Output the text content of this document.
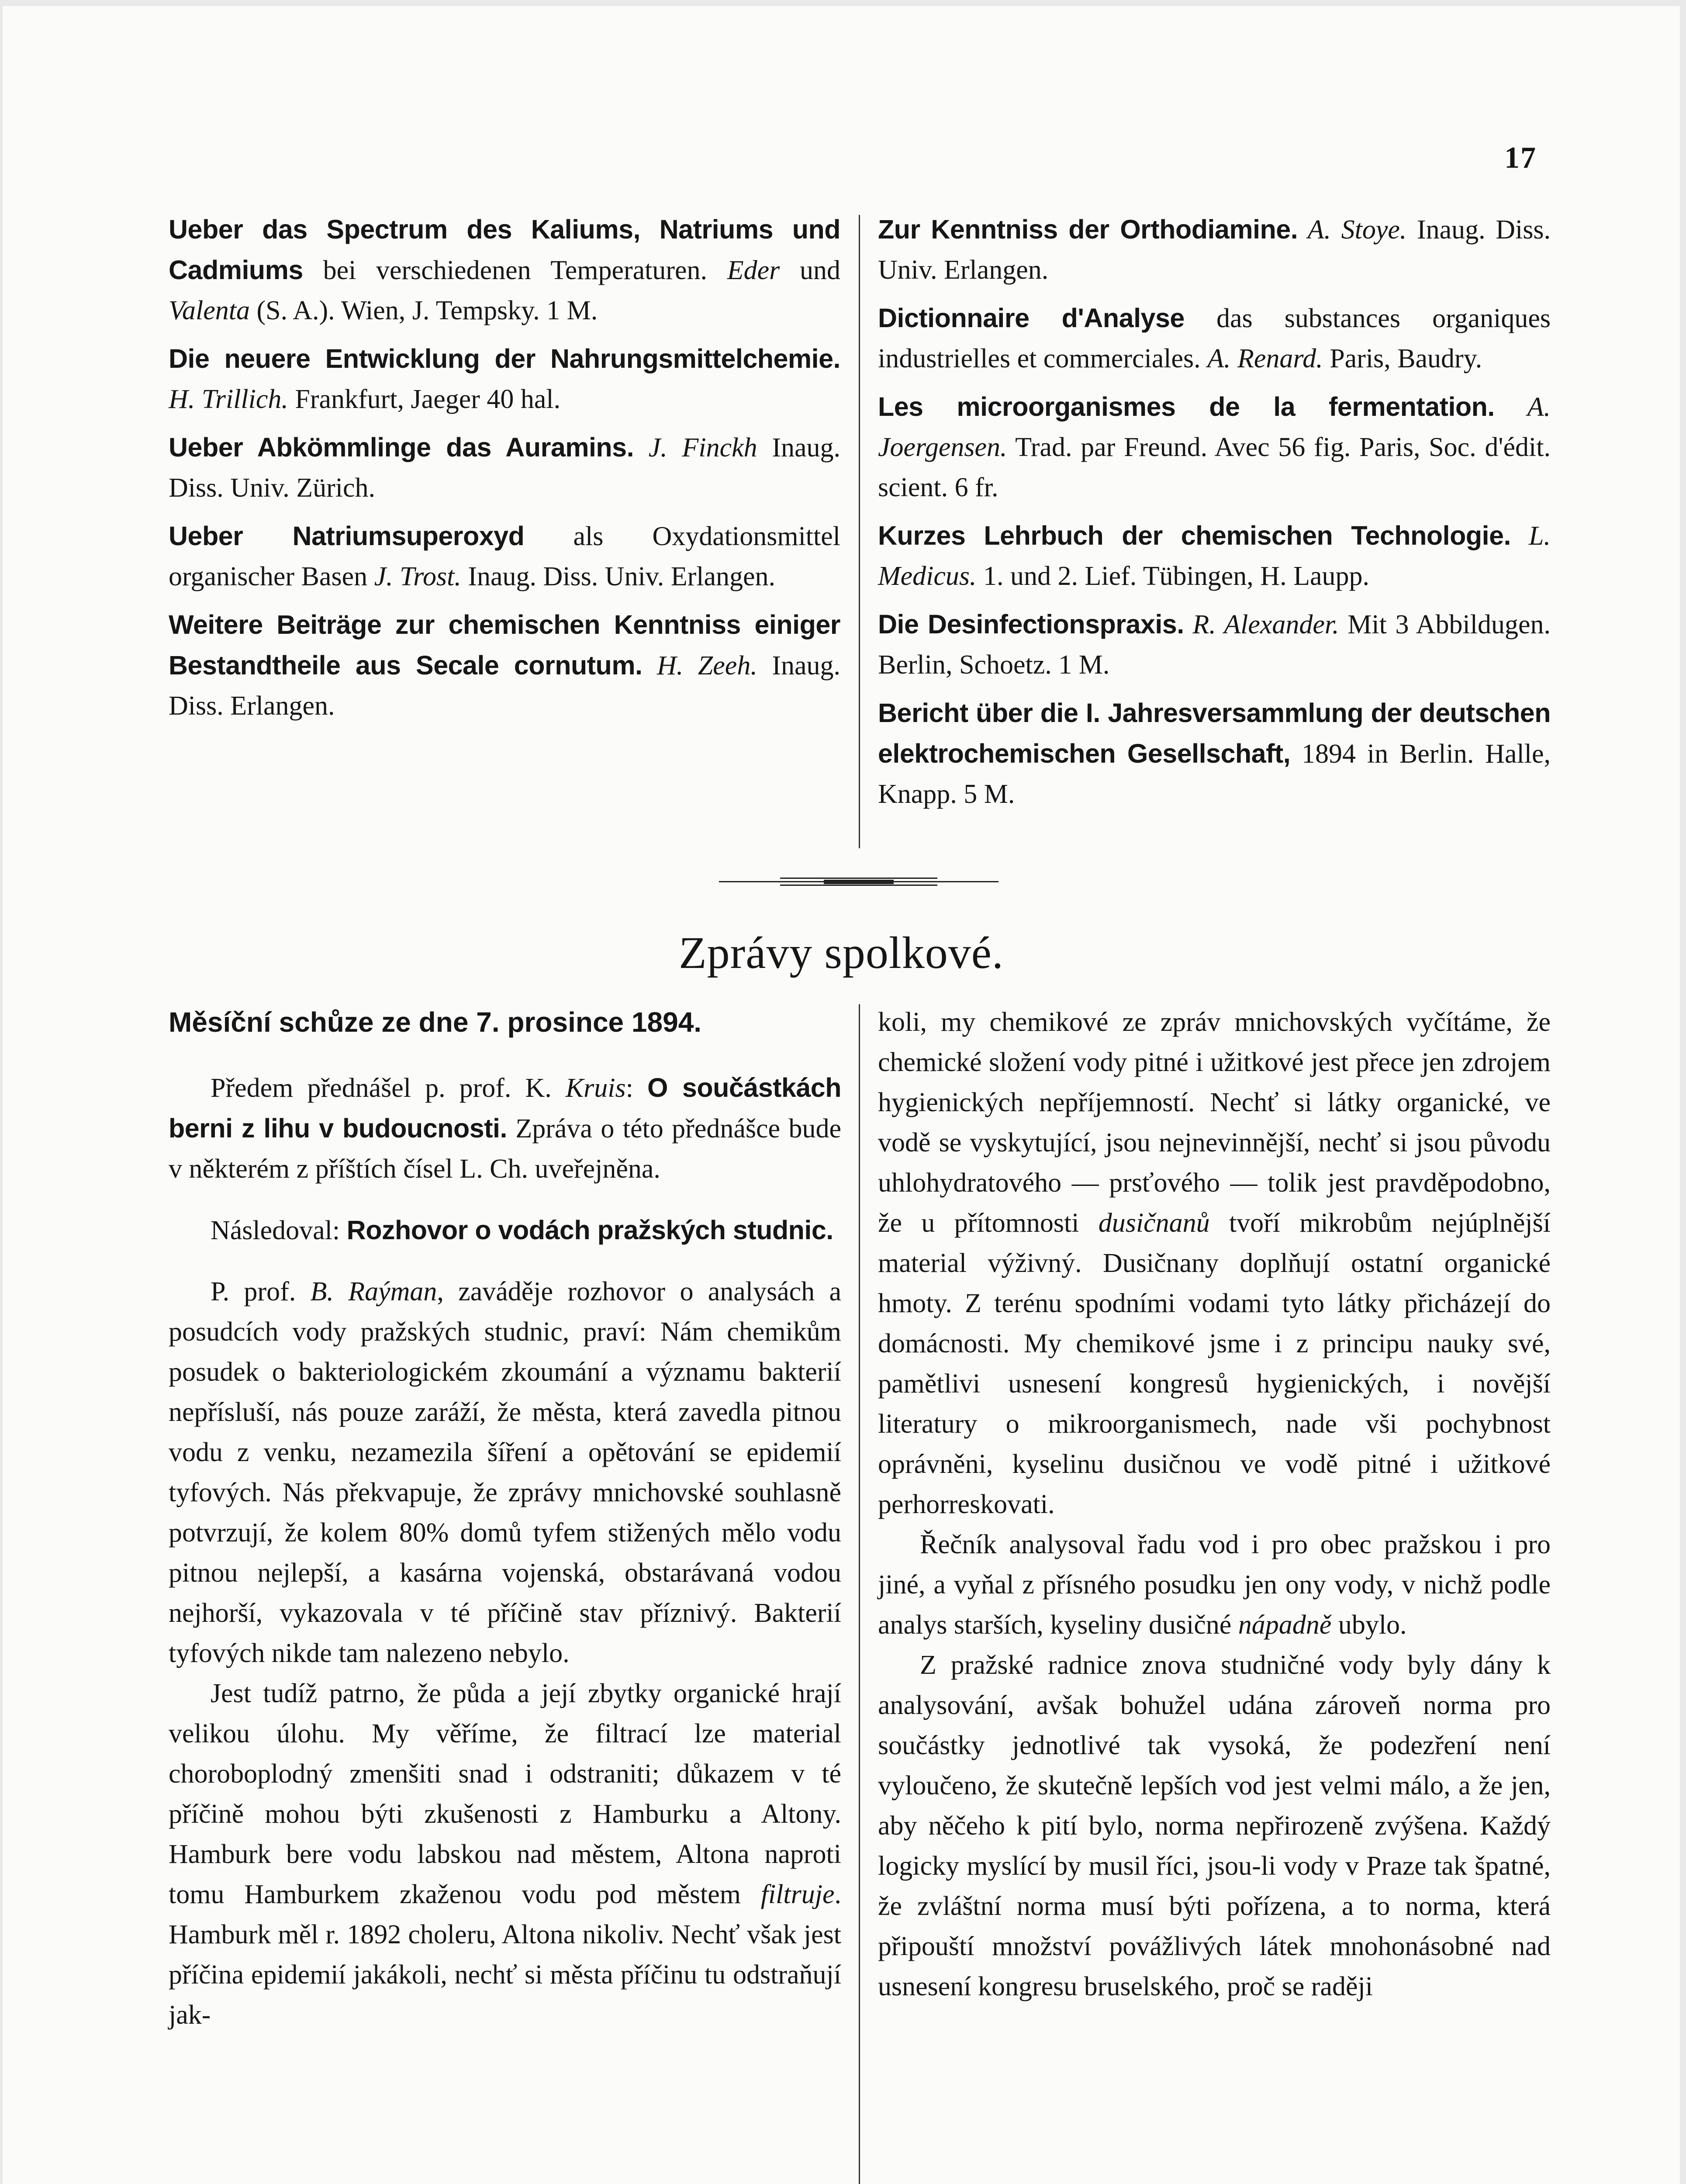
17

Ueber das Spectrum des Kaliums, Natriums und Cadmiums bei verschiedenen Temperaturen. Eder und Valenta (S. A.). Wien, J. Tempsky. 1 M.

Die neuere Entwicklung der Nahrungsmittelchemie. H. Trillich. Frankfurt, Jaeger 40 hal.

Ueber Abkömmlinge das Auramins. J. Finckh Inaug. Diss. Univ. Zürich.

Ueber Natriumsuperoxyd als Oxydationsmittel organischer Basen J. Trost. Inaug. Diss. Univ. Erlangen.

Weitere Beiträge zur chemischen Kenntniss einiger Bestandtheile aus Secale cornutum. H. Zeeh. Inaug. Diss. Erlangen.

Zur Kenntniss der Orthodiamine. A. Stoye. Inaug. Diss. Univ. Erlangen.

Dictionnaire d'Analyse das substances organiques industrielles et commerciales. A. Renard. Paris, Baudry.

Les microorganismes de la fermentation. A. Joergensen. Trad. par Freund. Avec 56 fig. Paris, Soc. d'édit. scient. 6 fr.

Kurzes Lehrbuch der chemischen Technologie. L. Medicus. 1. und 2. Lief. Tübingen, H. Laupp.

Die Desinfectionspraxis. R. Alexander. Mit 3 Abbildugen. Berlin, Schoetz. 1 M.

Bericht über die I. Jahresversammlung der deutschen elektrochemischen Gesellschaft, 1894 in Berlin. Halle, Knapp. 5 M.

Zprávy spolkové.

Měsíční schůze ze dne 7. prosince 1894.

Předem přednášel p. prof. K. Kruis: O součástkách berni z lihu v budoucnosti. Zpráva o této přednášce bude v některém z příštích čísel L. Ch. uveřejněna.

Následoval: Rozhovor o vodách pražských studnic.

P. prof. B. Raýman, zaváděje rozhovor o analysách a posudcích vody pražských studnic, praví: Nám chemikům posudek o bakteriologickém zkoumání a významu bakterií nepřísluší, nás pouze zaráží, že města, která zavedla pitnou vodu z venku, nezamezila šíření a opětování se epidemií tyfových. Nás překvapuje, že zprávy mnichovské souhlasně potvrzují, že kolem 80% domů tyfem stižených mělo vodu pitnou nejlepší, a kasárna vojenská, obstarávaná vodou nejhorší, vykazovala v té příčině stav příznivý. Bakterií tyfových nikde tam nalezeno nebylo.

Jest tudíž patrno, že půda a její zbytky organické hrají velikou úlohu. My věříme, že filtrací lze material choroboplodný zmenšiti snad i odstraniti; důkazem v té příčině mohou býti zkušenosti z Hamburku a Altony. Hamburk bere vodu labskou nad městem, Altona naproti tomu Hamburkem zkaženou vodu pod městem filtruje. Hamburk měl r. 1892 choleru, Altona nikoliv. Nechť však jest příčina epidemií jakákoli, nechť si města příčinu tu odstraňují jak-

koli, my chemikové ze zpráv mnichovských vyčítáme, že chemické složení vody pitné i užitkové jest přece jen zdrojem hygienických nepříjemností. Nechť si látky organické, ve vodě se vyskytující, jsou nejnevinnější, nechť si jsou původu uhlohydratového — prsťového — tolik jest pravděpodobno, že u přítomnosti dusičnanů tvoří mikrobům nejúplnější material výživný. Dusičnany doplňují ostatní organické hmoty. Z terénu spodními vodami tyto látky přicházejí do domácnosti. My chemikové jsme i z principu nauky své, pamětlivi usnesení kongresů hygienických, i novější literatury o mikroorganismech, nade vši pochybnost oprávněni, kyselinu dusičnou ve vodě pitné i užitkové perhorreskovati.

Řečník analysoval řadu vod i pro obec pražskou i pro jiné, a vyňal z přísného posudku jen ony vody, v nichž podle analys starších, kyseliny dusičné nápadně ubylo.

Z pražské radnice znova studničné vody byly dány k analysování, avšak bohužel udána zároveň norma pro součástky jednotlivé tak vysoká, že podezření není vyloučeno, že skutečně lepších vod jest velmi málo, a že jen, aby něčeho k pití bylo, norma nepřirozeně zvýšena. Každý logicky myslící by musil říci, jsou-li vody v Praze tak špatné, že zvláštní norma musí býti pořízena, a to norma, která připouští množství povážlivých látek mnohonásobné nad usnesení kongresu bruselského, proč se raději
